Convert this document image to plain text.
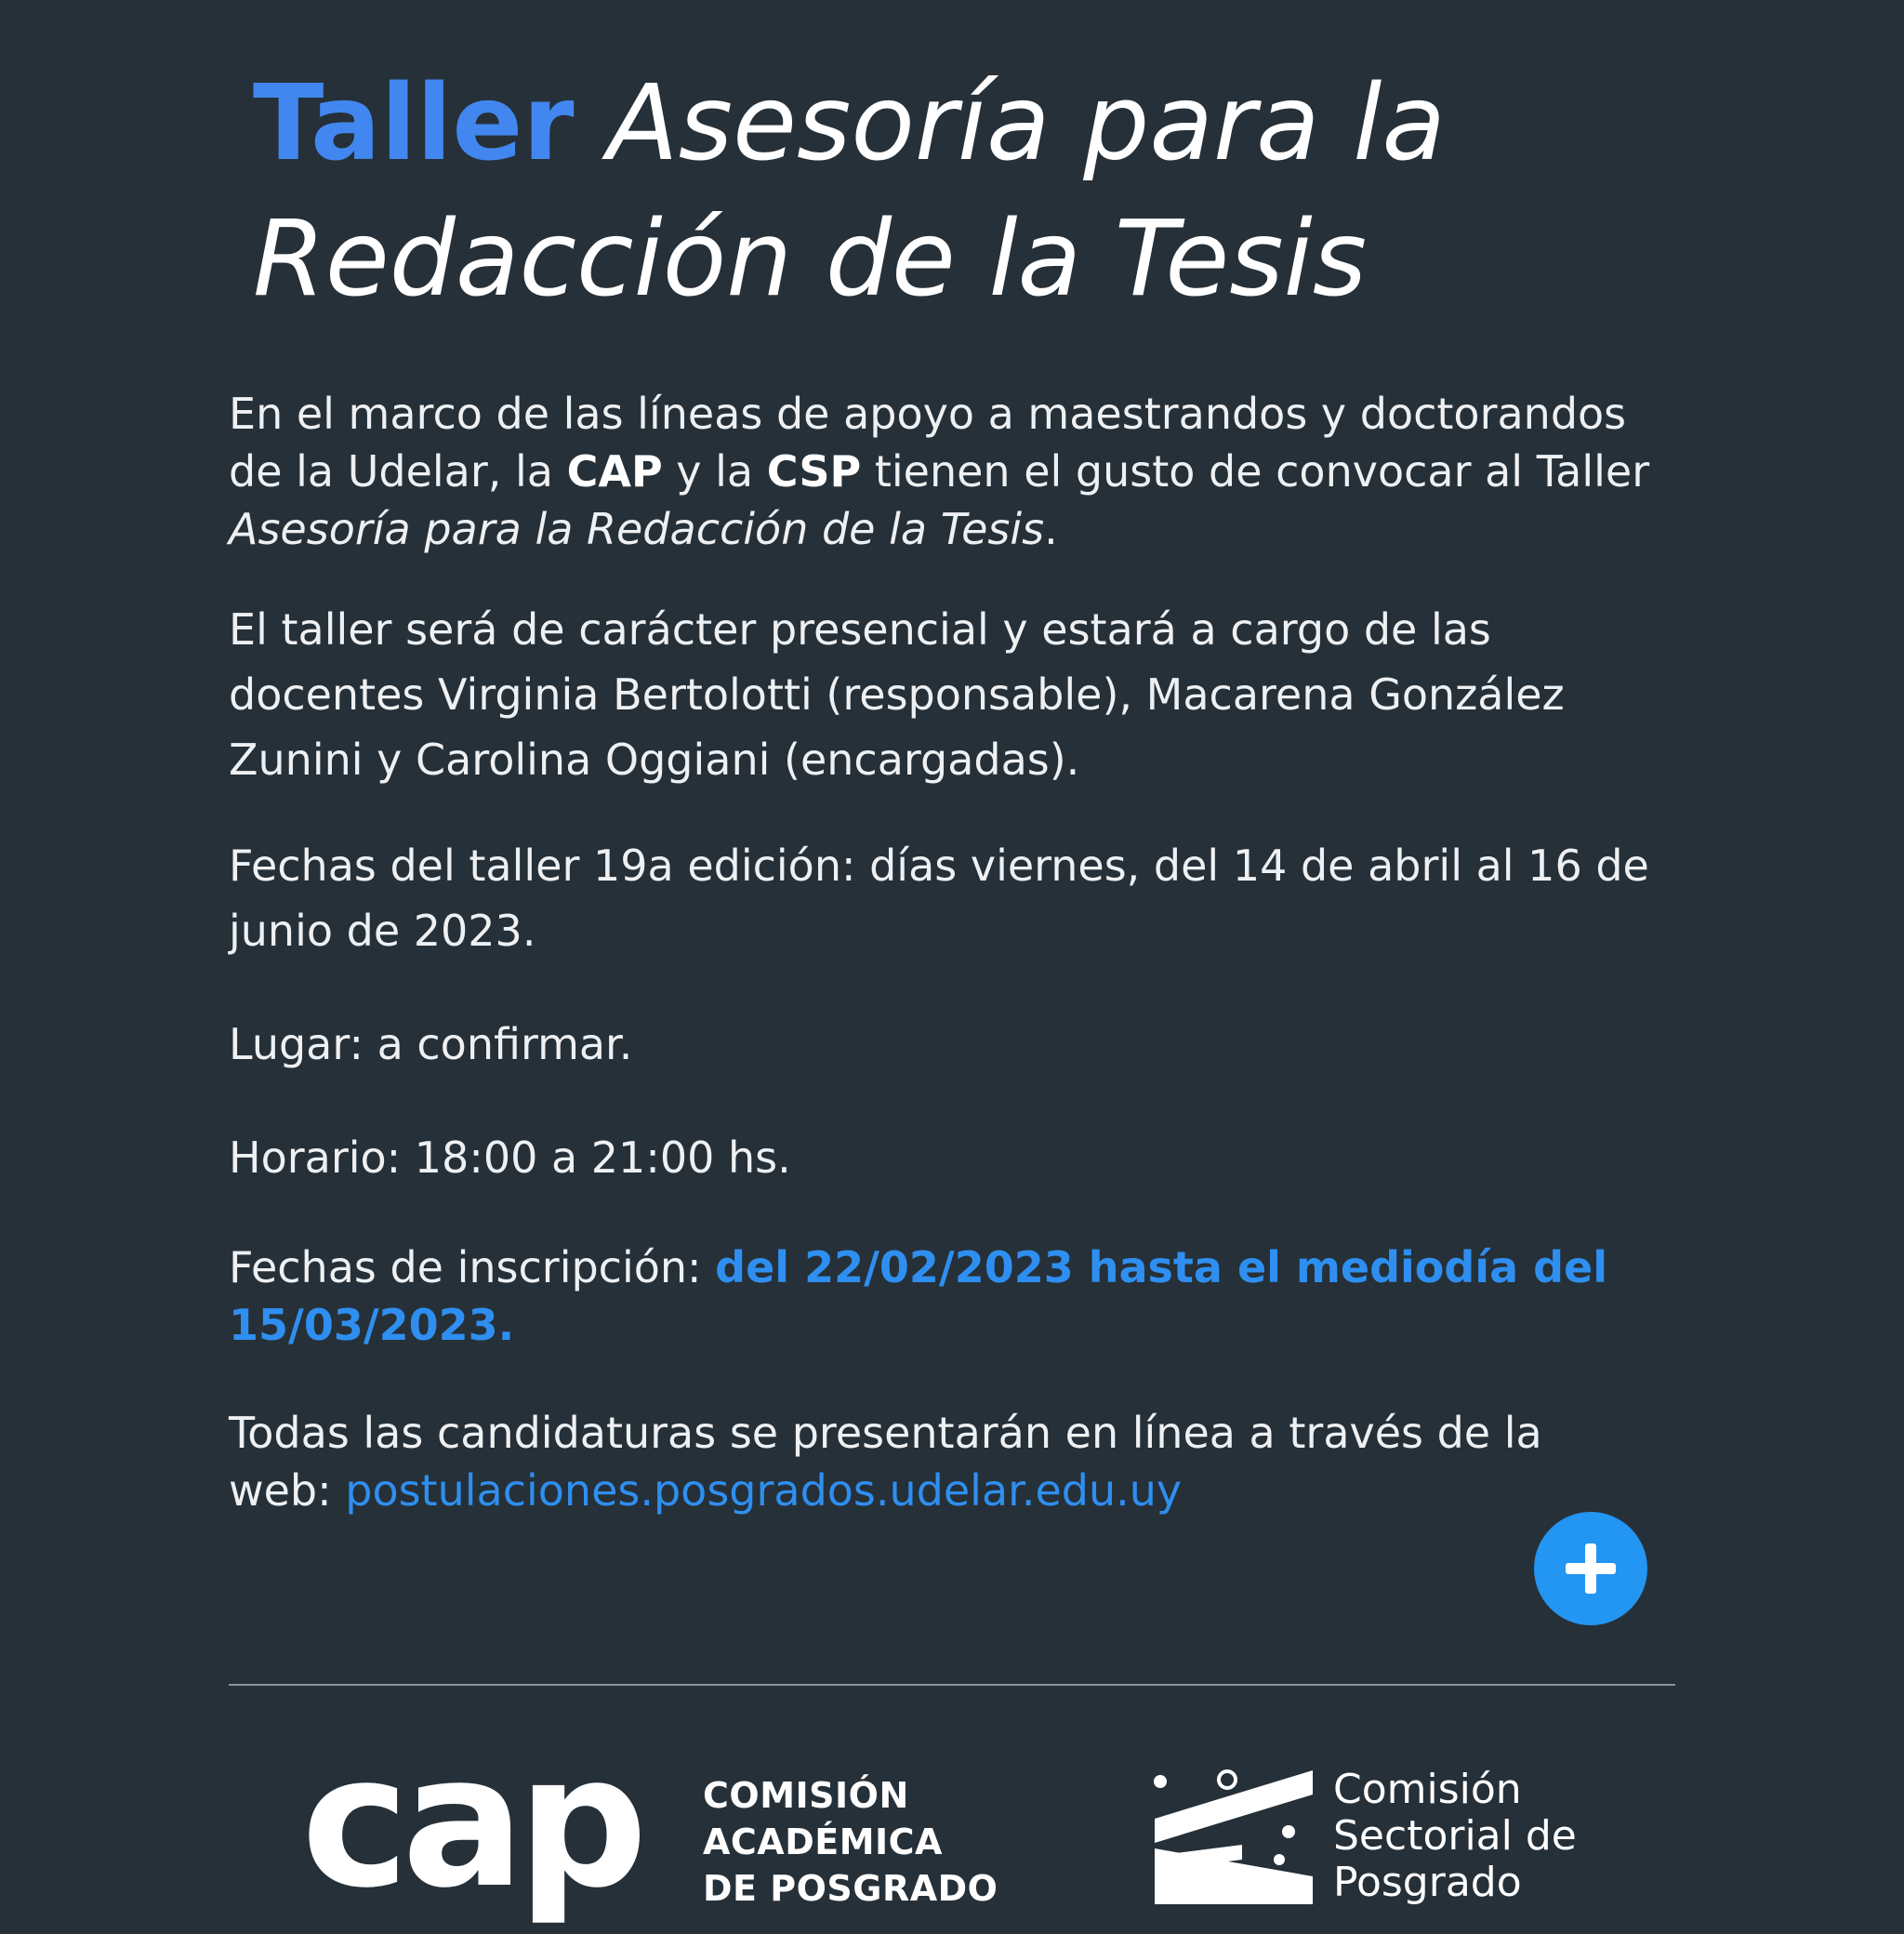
Taller Asesoría para la
Redacción de la Tesis

En el marco de las líneas de apoyo a maestrandos y doctorandos de la Udelar, la CAP y la CSP tienen el gusto de convocar al Taller Asesoría para la Redacción de la Tesis.

El taller será de carácter presencial y estará a cargo de las docentes Virginia Bertolotti (responsable), Macarena González Zunini y Carolina Oggiani (encargadas).

Fechas del taller 19a edición: días viernes, del 14 de abril al 16 de junio de 2023.

Lugar: a confirmar.

Horario: 18:00 a 21:00 hs.

Fechas de inscripción: del 22/02/2023 hasta el mediodía del 15/03/2023.

Todas las candidaturas se presentarán en línea a través de la web: postulaciones.posgrados.udelar.edu.uy

cap COMISIÓN
ACADÉMICA
DE POSGRADO
Comisión
Sectorial de
Posgrado
